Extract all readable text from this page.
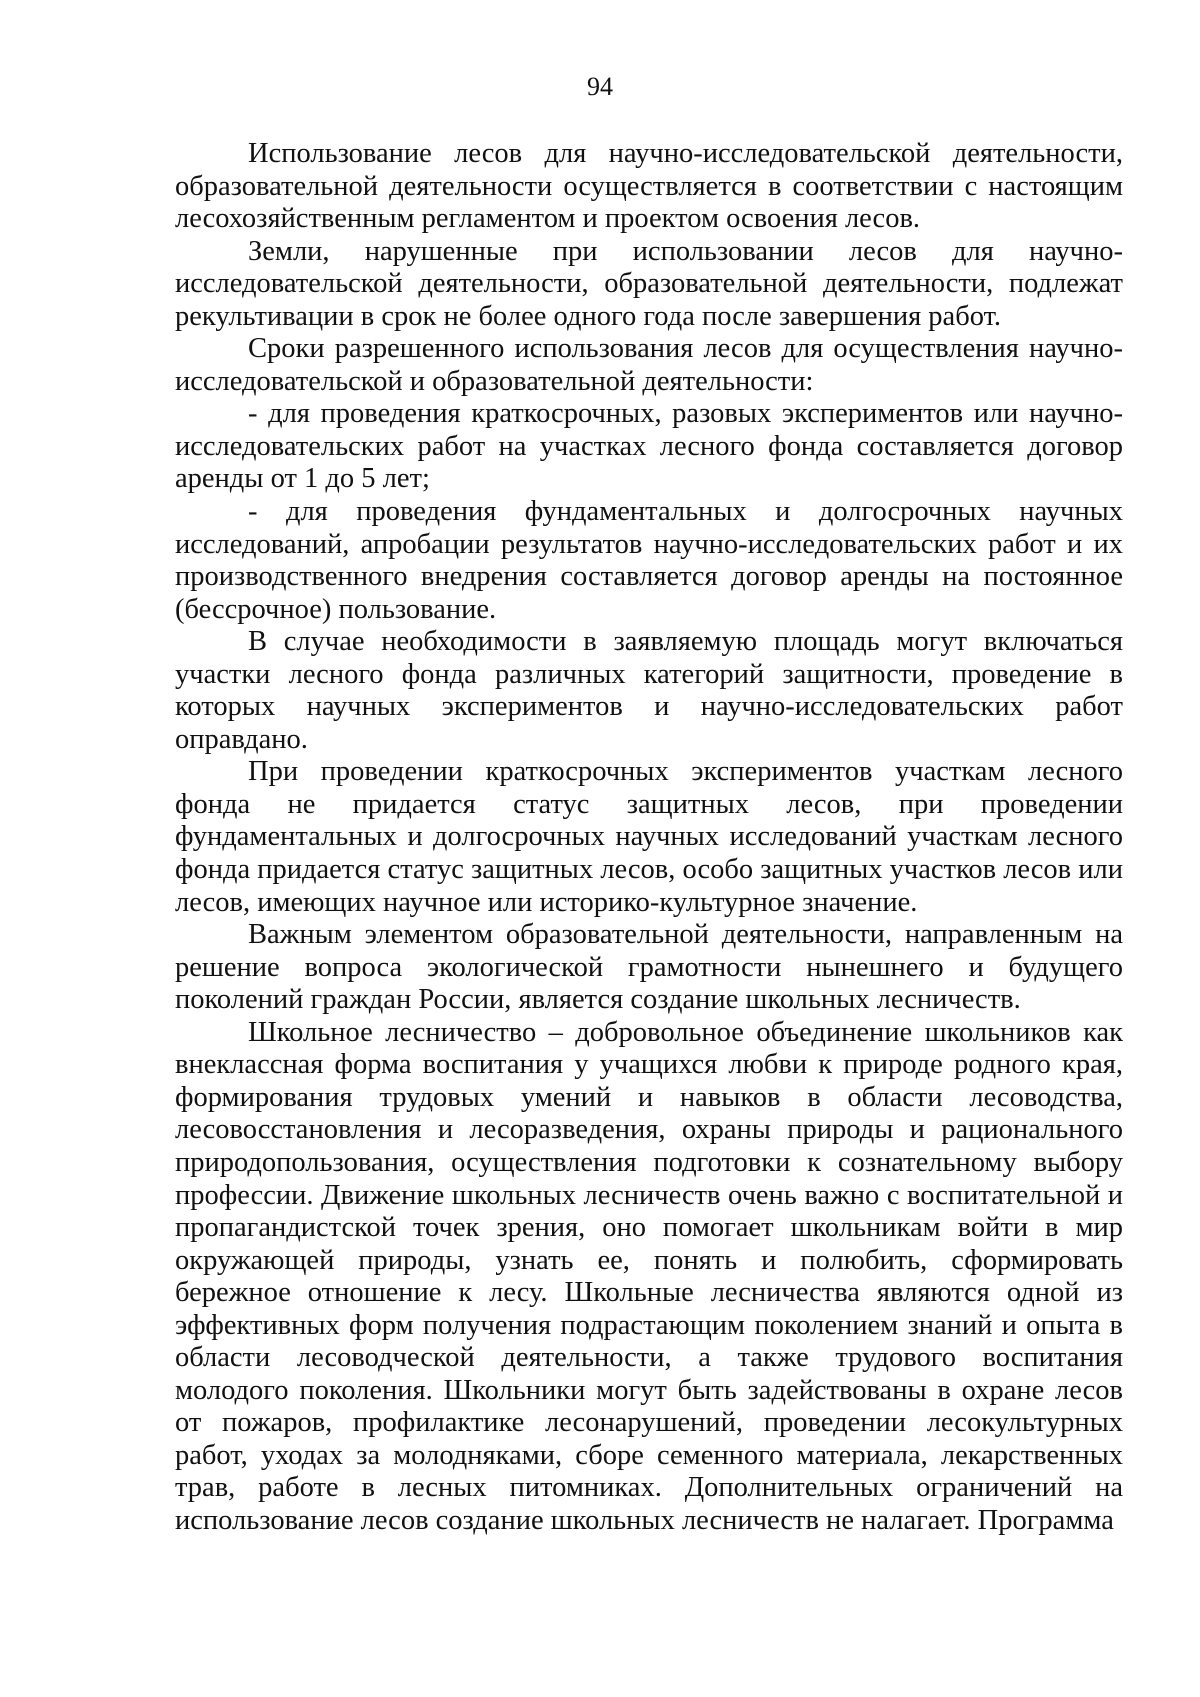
94

Использование лесов для научно-исследовательской деятельности, образовательной деятельности осуществляется в соответствии с настоящим лесохозяйственным регламентом и проектом освоения лесов.

Земли, нарушенные при использовании лесов для научно-исследовательской деятельности, образовательной деятельности, подлежат рекультивации в срок не более одного года после завершения работ.

Сроки разрешенного использования лесов для осуществления научно-исследовательской и образовательной деятельности:

- для проведения краткосрочных, разовых экспериментов или научно-исследовательских работ на участках лесного фонда составляется договор аренды от 1 до 5 лет;

- для проведения фундаментальных и долгосрочных научных исследований, апробации результатов научно-исследовательских работ и их производственного внедрения составляется договор аренды на постоянное (бессрочное) пользование.

В случае необходимости в заявляемую площадь могут включаться участки лесного фонда различных категорий защитности, проведение в которых научных экспериментов и научно-исследовательских работ оправдано.

При проведении краткосрочных экспериментов участкам лесного фонда не придается статус защитных лесов, при проведении фундаментальных и долгосрочных научных исследований участкам лесного фонда придается статус защитных лесов, особо защитных участков лесов или лесов, имеющих научное или историко-культурное значение.

Важным элементом образовательной деятельности, направленным на решение вопроса экологической грамотности нынешнего и будущего поколений граждан России, является создание школьных лесничеств.

Школьное лесничество – добровольное объединение школьников как внеклассная форма воспитания у учащихся любви к природе родного края, формирования трудовых умений и навыков в области лесоводства, лесовосстановления и лесоразведения, охраны природы и рационального природопользования, осуществления подготовки к сознательному выбору профессии. Движение школьных лесничеств очень важно с воспитательной и пропагандистской точек зрения, оно помогает школьникам войти в мир окружающей природы, узнать ее, понять и полюбить, сформировать бережное отношение к лесу. Школьные лесничества являются одной из эффективных форм получения подрастающим поколением знаний и опыта в области лесоводческой деятельности, а также трудового воспитания молодого поколения. Школьники могут быть задействованы в охране лесов от пожаров, профилактике лесонарушений, проведении лесокультурных работ, уходах за молодняками, сборе семенного материала, лекарственных трав, работе в лесных питомниках. Дополнительных ограничений на использование лесов создание школьных лесничеств не налагает. Программа
